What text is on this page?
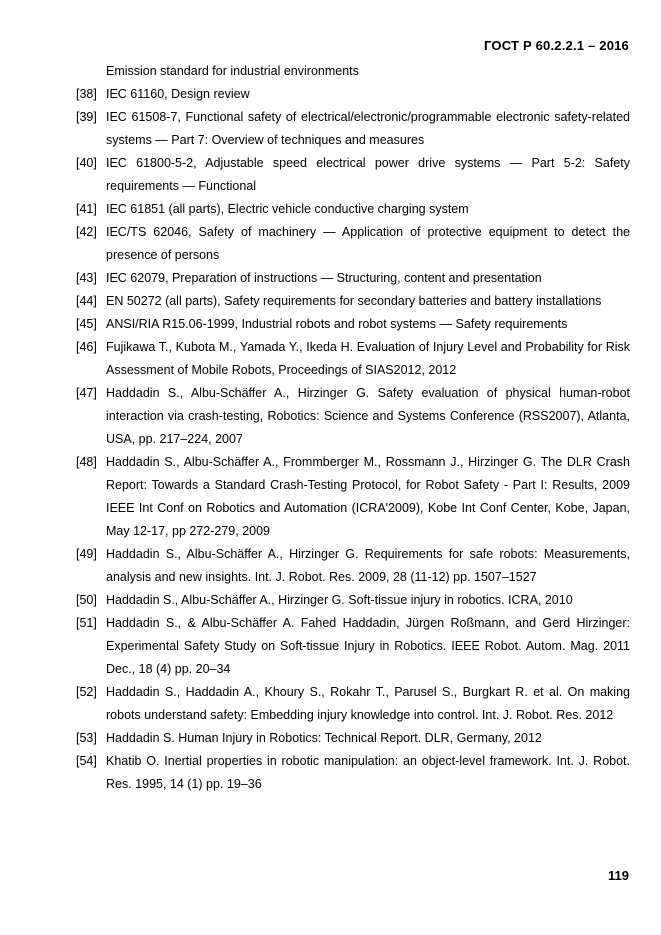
ГОСТ Р 60.2.2.1 – 2016
Emission standard for industrial environments
[38] IEC 61160, Design review
[39] IEC 61508-7, Functional safety of electrical/electronic/programmable electronic safety-related systems — Part 7: Overview of techniques and measures
[40] IEC 61800-5-2, Adjustable speed electrical power drive systems — Part 5-2: Safety requirements — Functional
[41] IEC 61851 (all parts), Electric vehicle conductive charging system
[42] IEC/TS 62046, Safety of machinery — Application of protective equipment to detect the presence of persons
[43] IEC 62079, Preparation of instructions — Structuring, content and presentation
[44] EN 50272 (all parts), Safety requirements for secondary batteries and battery installations
[45] ANSI/RIA R15.06-1999, Industrial robots and robot systems — Safety requirements
[46] Fujikawa T., Kubota M., Yamada Y., Ikeda H. Evaluation of Injury Level and Probability for Risk Assessment of Mobile Robots, Proceedings of SIAS2012, 2012
[47] Haddadin S., Albu-Schäffer A., Hirzinger G. Safety evaluation of physical human-robot interaction via crash-testing, Robotics: Science and Systems Conference (RSS2007), Atlanta, USA, pp. 217–224, 2007
[48] Haddadin S., Albu-Schäffer A., Frommberger M., Rossmann J., Hirzinger G. The DLR Crash Report: Towards a Standard Crash-Testing Protocol, for Robot Safety - Part I: Results, 2009 IEEE Int Conf on Robotics and Automation (ICRA'2009), Kobe Int Conf Center, Kobe, Japan, May 12-17, pp 272-279, 2009
[49] Haddadin S., Albu-Schäffer A., Hirzinger G. Requirements for safe robots: Measurements, analysis and new insights. Int. J. Robot. Res. 2009, 28 (11-12) pp. 1507–1527
[50] Haddadin S., Albu-Schäffer A., Hirzinger G. Soft-tissue injury in robotics. ICRA, 2010
[51] Haddadin S., & Albu-Schäffer A. Fahed Haddadin, Jürgen Roßmann, and Gerd Hirzinger: Experimental Safety Study on Soft-tissue Injury in Robotics. IEEE Robot. Autom. Mag. 2011 Dec., 18 (4) pp. 20–34
[52] Haddadin S., Haddadin A., Khoury S., Rokahr T., Parusel S., Burgkart R. et al. On making robots understand safety: Embedding injury knowledge into control. Int. J. Robot. Res. 2012
[53] Haddadin S. Human Injury in Robotics: Technical Report. DLR, Germany, 2012
[54] Khatib O. Inertial properties in robotic manipulation: an object-level framework. Int. J. Robot. Res. 1995, 14 (1) pp. 19–36
119
